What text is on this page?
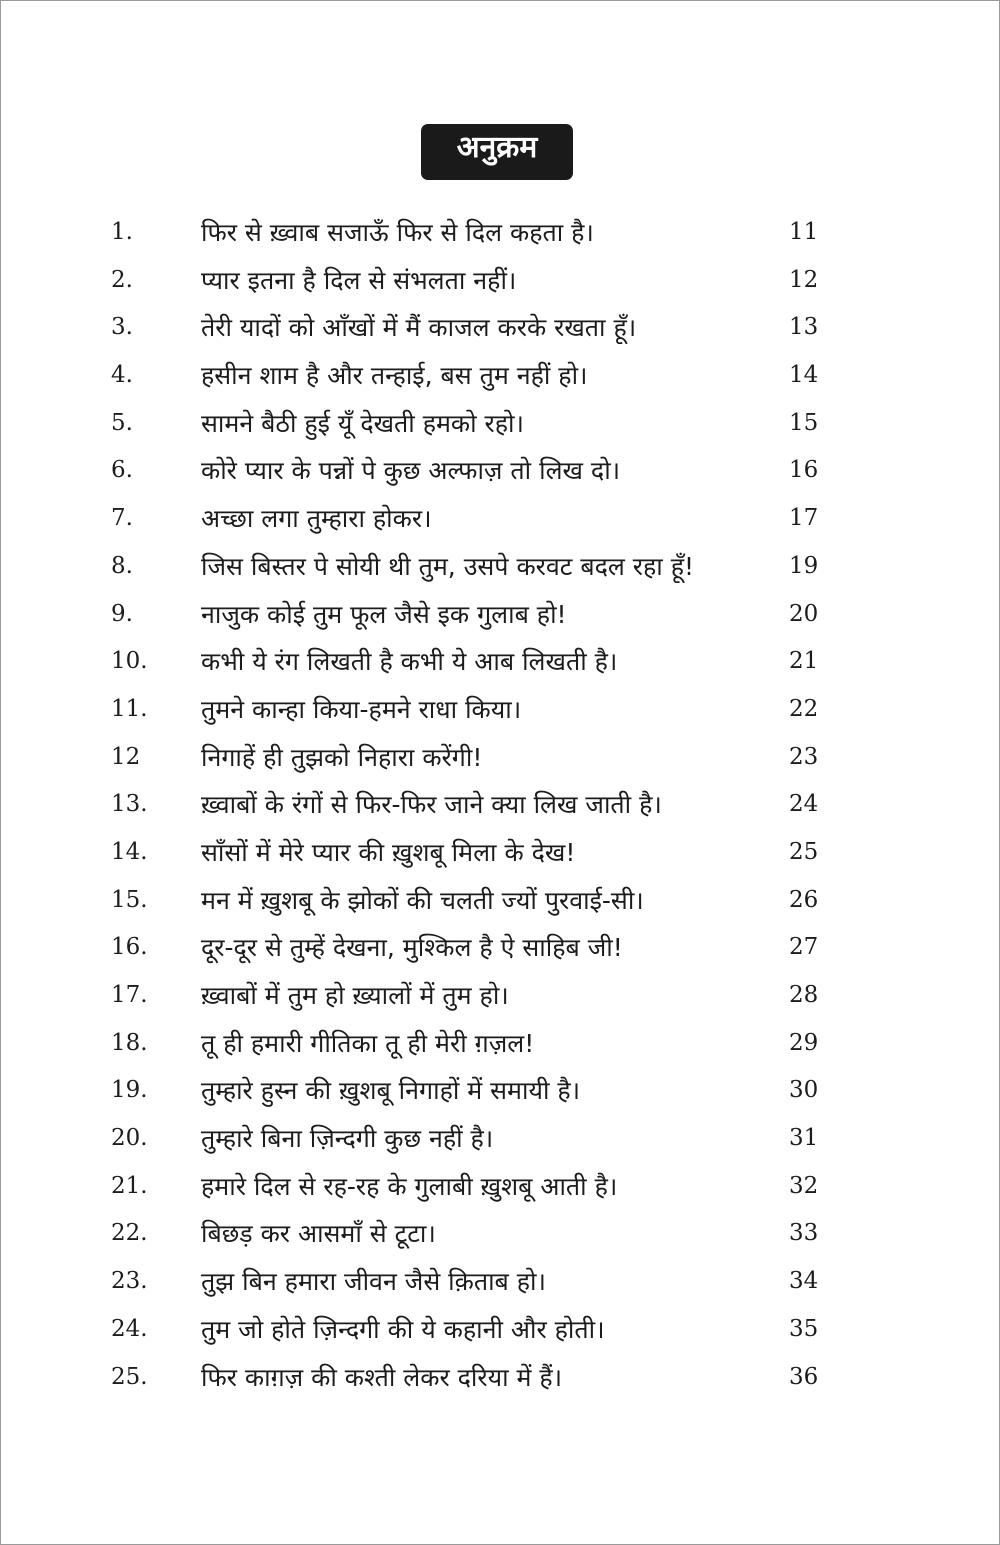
अनुक्रम
1.	फिर से ख़्वाब सजाऊँ फिर से दिल कहता है।	11
2.	प्यार इतना है दिल से संभलता नहीं।	12
3.	तेरी यादों को आँखों में मैं काजल करके रखता हूँ।	13
4.	हसीन शाम है और तन्हाई, बस तुम नहीं हो।	14
5.	सामने बैठी हुई यूँ देखती हमको रहो।	15
6.	कोरे प्यार के पन्नों पे कुछ अल्फाज़ तो लिख दो।	16
7.	अच्छा लगा तुम्हारा होकर।	17
8.	जिस बिस्तर पे सोयी थी तुम, उसपे करवट बदल रहा हूँ!	19
9.	नाजुक कोई तुम फूल जैसे इक गुलाब हो!	20
10. कभी ये रंग लिखती है कभी ये आब लिखती है।	21
11. तुमने कान्हा किया-हमने राधा किया।	22
12 निगाहें ही तुझको निहारा करेंगी!	23
13. ख़्वाबों के रंगों से फिर-फिर जाने क्या लिख जाती है।	24
14. साँसों में मेरे प्यार की ख़ुशबू मिला के देख!	25
15. मन में ख़ुशबू के झोकों की चलती ज्यों पुरवाई-सी।	26
16. दूर-दूर से तुम्हें देखना, मुश्किल है ऐ साहिब जी!	27
17. ख़्वाबों में तुम हो ख़्यालों में तुम हो।	28
18. तू ही हमारी गीतिका तू ही मेरी ग़ज़ल!	29
19. तुम्हारे हुस्न की ख़ुशबू निगाहों में समायी है।	30
20. तुम्हारे बिना ज़िन्दगी कुछ नहीं है।	31
21. हमारे दिल से रह-रह के गुलाबी ख़ुशबू आती है।	32
22. बिछड़ कर आसमाँ से टूटा।	33
23. तुझ बिन हमारा जीवन जैसे क़िताब हो।	34
24. तुम जो होते ज़िन्दगी की ये कहानी और होती।	35
25. फिर काग़ज़ की कश्ती लेकर दरिया में हैं।	36
